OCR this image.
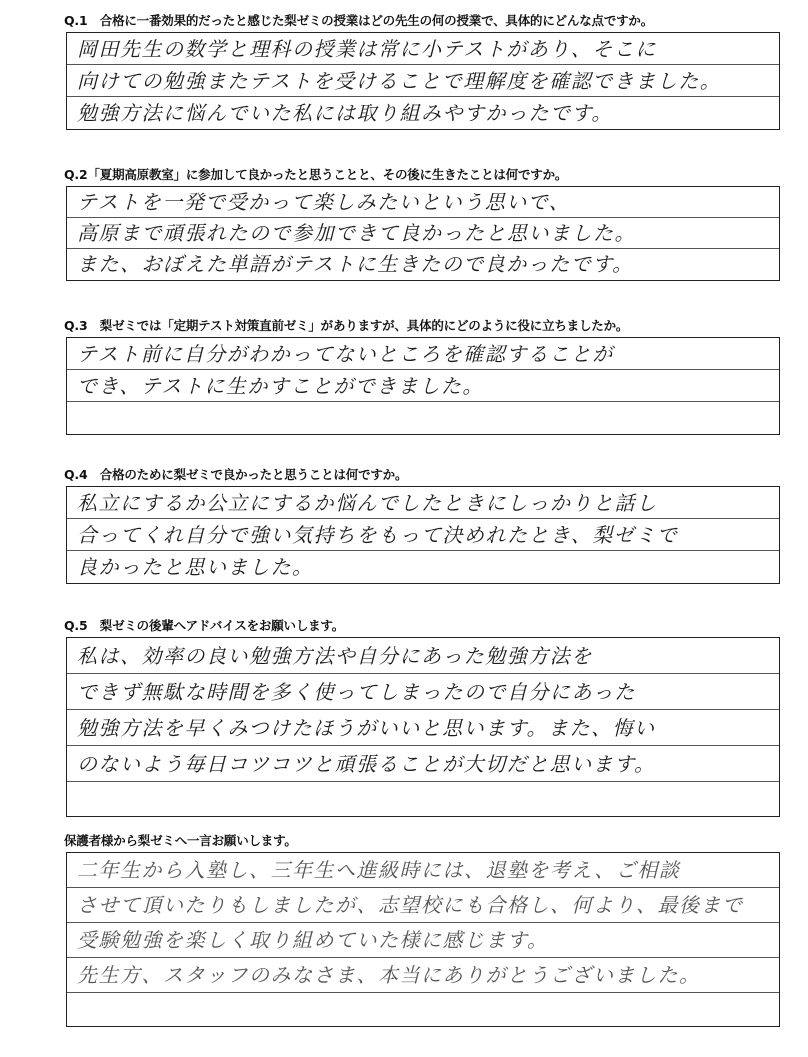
Q.1　合格に一番効果的だったと感じた梨ゼミの授業はどの先生の何の授業で、具体的にどんな点ですか。
岡田先生の数学と理科の授業は常に小テストがあり、そこに
向けての勉強またテストを受けることで理解度を確認できました。
勉強方法に悩んでいた私には取り組みやすかったです。
Q.2「夏期高原教室」に参加して良かったと思うことと、その後に生きたことは何ですか。
テストを一発で受かって楽しみたいという思いで、
高原まで頑張れたので参加できて良かったと思いました。
また、おぼえた単語がテストに生きたので良かったです。
Q.3　梨ゼミでは「定期テスト対策直前ゼミ」がありますが、具体的にどのように役に立ちましたか。
テスト前に自分がわかってないところを確認することが
でき、テストに生かすことができました。
Q.4　合格のために梨ゼミで良かったと思うことは何ですか。
私立にするか公立にするか悩んでしたときにしっかりと話し
合ってくれ自分で強い気持ちをもって決めれたとき、梨ゼミで
良かったと思いました。
Q.5　梨ゼミの後輩へアドバイスをお願いします。
私は、効率の良い勉強方法や自分にあった勉強方法を
できず無駄な時間を多く使ってしまったので自分にあった
勉強方法を早くみつけたほうがいいと思います。また、悔い
のないよう毎日コツコツと頑張ることが大切だと思います。
保護者様から梨ゼミへ一言お願いします。
二年生から入塾し、三年生へ進級時には、退塾を考え、ご相談
させて頂いたりもしましたが、志望校にも合格し、何より、最後まで
受験勉強を楽しく取り組めていた様に感じます。
先生方、スタッフのみなさま、本当にありがとうございました。
